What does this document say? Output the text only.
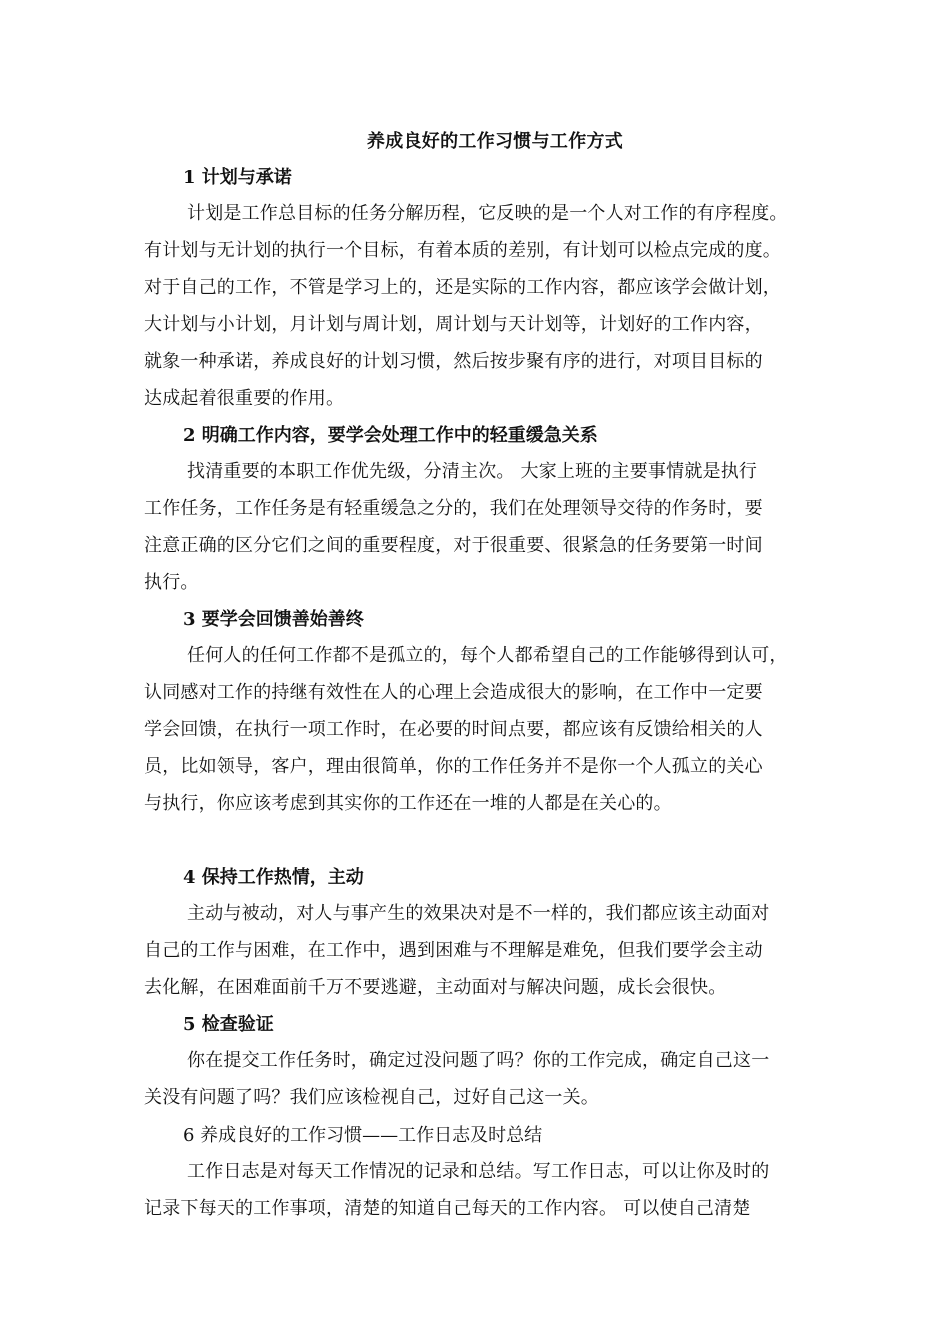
养成良好的工作习惯与工作方式
1 计划与承诺
计划是工作总目标的任务分解历程，它反映的是一个人对工作的有序程度。
有计划与无计划的执行一个目标，有着本质的差别，有计划可以检点完成的度。
对于自己的工作，不管是学习上的，还是实际的工作内容，都应该学会做计划，
大计划与小计划，月计划与周计划，周计划与天计划等，计划好的工作内容，
就象一种承诺，养成良好的计划习惯，然后按步聚有序的进行，对项目目标的
达成起着很重要的作用。
2 明确工作内容，要学会处理工作中的轻重缓急关系
找清重要的本职工作优先级，分清主次。 大家上班的主要事情就是执行
工作任务，工作任务是有轻重缓急之分的，我们在处理领导交待的作务时，要
注意正确的区分它们之间的重要程度，对于很重要、很紧急的任务要第一时间
执行。
3 要学会回馈善始善终
任何人的任何工作都不是孤立的，每个人都希望自己的工作能够得到认可，
认同感对工作的持继有效性在人的心理上会造成很大的影响，在工作中一定要
学会回馈，在执行一项工作时，在必要的时间点要，都应该有反馈给相关的人
员，比如领导，客户，理由很简单，你的工作任务并不是你一个人孤立的关心
与执行，你应该考虑到其实你的工作还在一堆的人都是在关心的。
4 保持工作热情，主动
主动与被动，对人与事产生的效果决对是不一样的，我们都应该主动面对
自己的工作与困难，在工作中，遇到困难与不理解是难免，但我们要学会主动
去化解，在困难面前千万不要逃避，主动面对与解决问题，成长会很快。
5 检查验证
你在提交工作任务时，确定过没问题了吗？你的工作完成，确定自己这一
关没有问题了吗？我们应该检视自己，过好自己这一关。
6 养成良好的工作习惯——工作日志及时总结
工作日志是对每天工作情况的记录和总结。写工作日志，可以让你及时的
记录下每天的工作事项，清楚的知道自己每天的工作内容。 可以使自己清楚
